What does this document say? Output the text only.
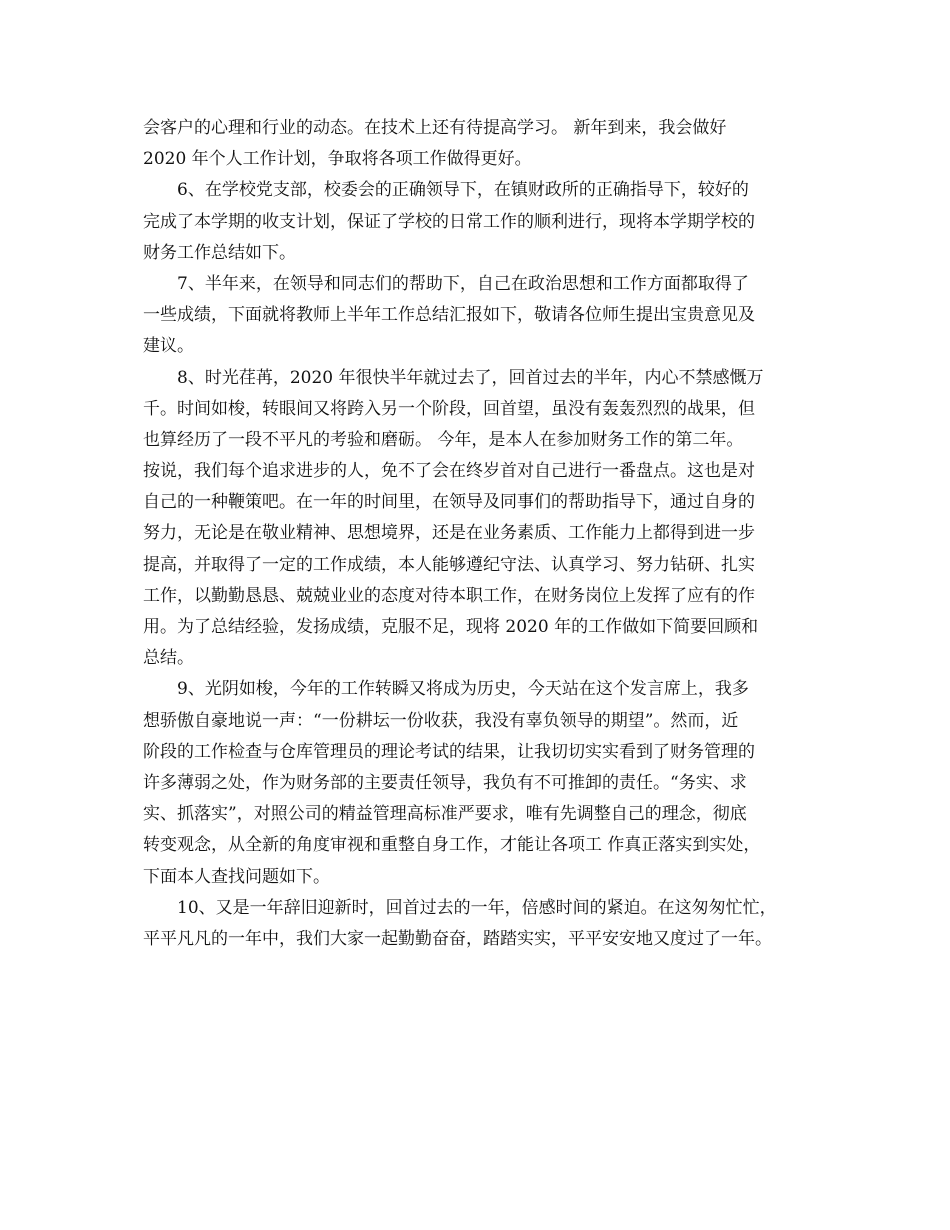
会客户的心理和行业的动态。在技术上还有待提高学习。 新年到来，我会做好
2020 年个人工作计划，争取将各项工作做得更好。
6、在学校党支部，校委会的正确领导下，在镇财政所的正确指导下，较好的
完成了本学期的收支计划，保证了学校的日常工作的顺利进行，现将本学期学校的
财务工作总结如下。
7、半年来，在领导和同志们的帮助下，自己在政治思想和工作方面都取得了
一些成绩，下面就将教师上半年工作总结汇报如下，敬请各位师生提出宝贵意见及
建议。
8、时光荏苒，2020 年很快半年就过去了，回首过去的半年，内心不禁感慨万
千。时间如梭，转眼间又将跨入另一个阶段，回首望，虽没有轰轰烈烈的战果，但
也算经历了一段不平凡的考验和磨砺。 今年，是本人在参加财务工作的第二年。
按说，我们每个追求进步的人，免不了会在终岁首对自己进行一番盘点。这也是对
自己的一种鞭策吧。在一年的时间里，在领导及同事们的帮助指导下，通过自身的
努力，无论是在敬业精神、思想境界，还是在业务素质、工作能力上都得到进一步
提高，并取得了一定的工作成绩，本人能够遵纪守法、认真学习、努力钻研、扎实
工作，以勤勤恳恳、兢兢业业的态度对待本职工作，在财务岗位上发挥了应有的作
用。为了总结经验，发扬成绩，克服不足，现将 2020 年的工作做如下简要回顾和
总结。
9、光阴如梭，今年的工作转瞬又将成为历史，今天站在这个发言席上，我多
想骄傲自豪地说一声：“一份耕坛一份收获，我没有辜负领导的期望”。然而，近
阶段的工作检查与仓库管理员的理论考试的结果，让我切切实实看到了财务管理的
许多薄弱之处，作为财务部的主要责任领导，我负有不可推卸的责任。“务实、求
实、抓落实”，对照公司的精益管理高标准严要求，唯有先调整自己的理念，彻底
转变观念，从全新的角度审视和重整自身工作，才能让各项工 作真正落实到实处，
下面本人查找问题如下。
10、又是一年辞旧迎新时，回首过去的一年，倍感时间的紧迫。在这匆匆忙忙，
平平凡凡的一年中，我们大家一起勤勤奋奋，踏踏实实，平平安安地又度过了一年。
